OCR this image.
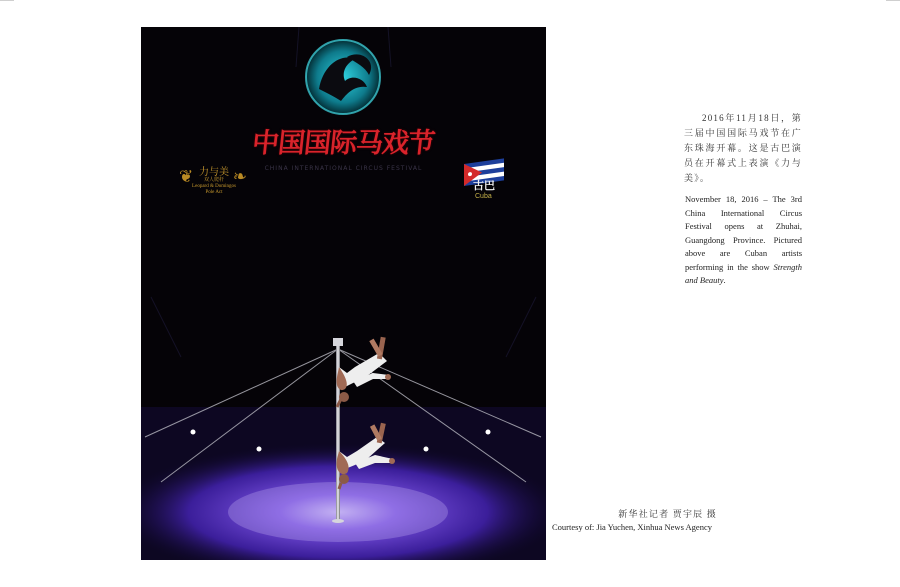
中国国际马戏节
CHINA INTERNATIONAL CIRCUS FESTIVAL
❦ ❧
力与美
双人爬杆
Leopard & Domingos
Pole Act
古巴
Cuba
2016年11月18日，第三届中国国际马戏节在广东珠海开幕。这是古巴演员在开幕式上表演《力与美》。
November 18, 2016 – The 3rd China International Circus Festival opens at Zhuhai, Guangdong Province. Pictured above are Cuban artists performing in the show Strength and Beauty.
新华社记者 贾宇辰 摄
Courtesy of: Jia Yuchen, Xinhua News Agency
